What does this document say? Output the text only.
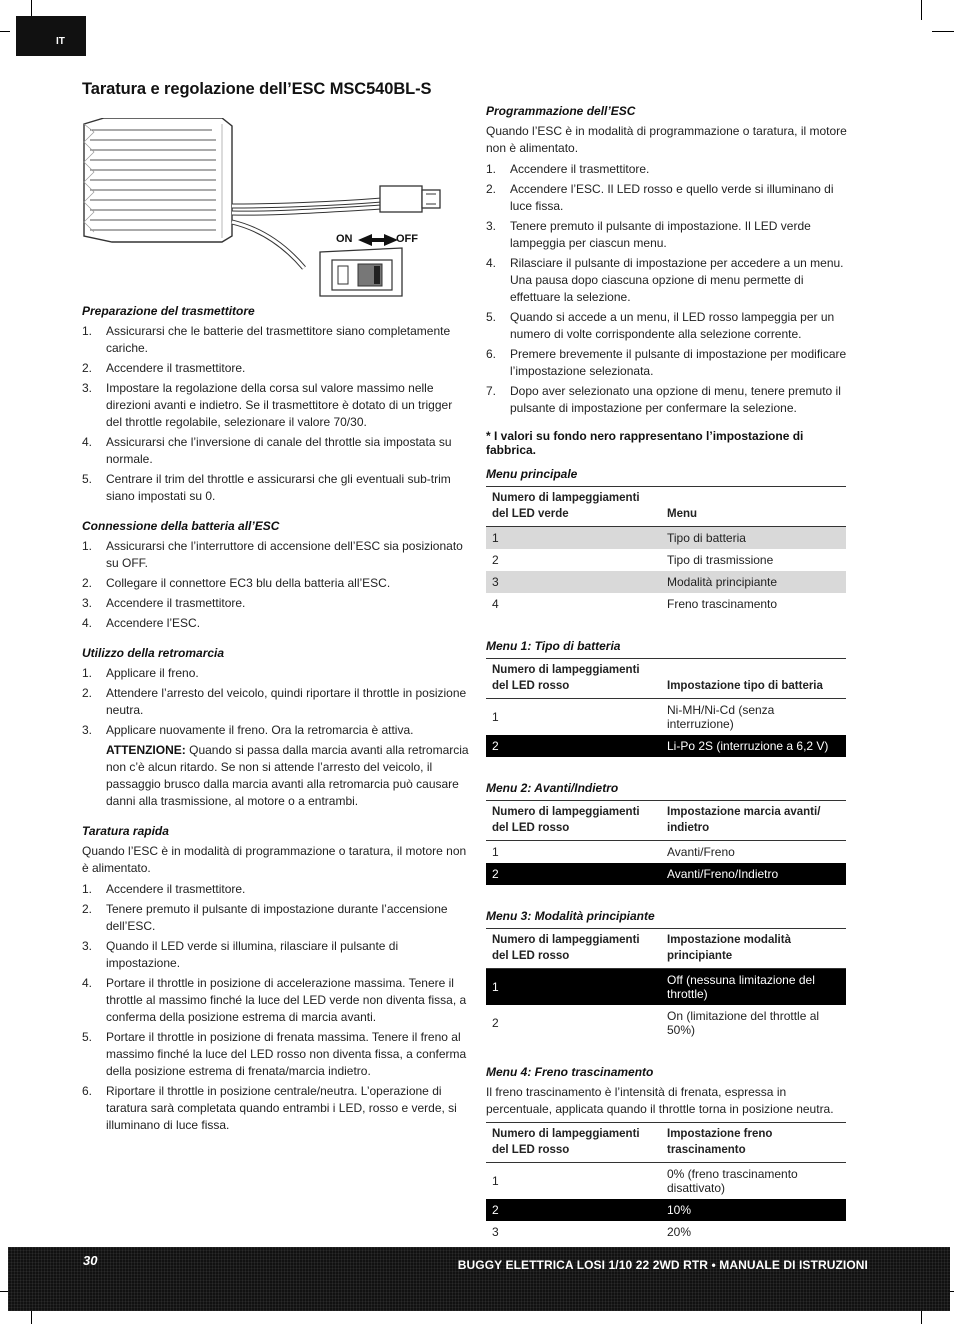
IT
Taratura e regolazione dell’ESC MSC540BL-S
ON	OFF
Preparazione del trasmettitore
1. Assicurarsi che le batterie del trasmettitore siano completamente cariche.
2. Accendere il trasmettitore.
3. Impostare la regolazione della corsa sul valore massimo nelle direzioni avanti e indietro. Se il trasmettitore è dotato di un trigger del throttle regolabile, selezionare il valore 70/30.
4. Assicurarsi che l’inversione di canale del throttle sia impostata su normale.
5. Centrare il trim del throttle e assicurarsi che gli eventuali sub-trim siano impostati su 0.
Connessione della batteria all’ESC
1. Assicurarsi che l’interruttore di accensione dell’ESC sia posizionato su OFF.
2. Collegare il connettore EC3 blu della batteria all’ESC.
3. Accendere il trasmettitore.
4. Accendere l’ESC.
Utilizzo della retromarcia
1. Applicare il freno.
2. Attendere l’arresto del veicolo, quindi riportare il throttle in posizione neutra.
3. Applicare nuovamente il freno. Ora la retromarcia è attiva.

ATTENZIONE: Quando si passa dalla marcia avanti alla retromarcia non c’è alcun ritardo. Se non si attende l’arresto del veicolo, il passaggio brusco dalla marcia avanti alla retromarcia può causare danni alla trasmissione, al motore o a entrambi.

Taratura rapida

Quando l’ESC è in modalità di programmazione o taratura, il motore non è alimentato.

1. Accendere il trasmettitore.
2. Tenere premuto il pulsante di impostazione durante l’accensione dell’ESC.
3. Quando il LED verde si illumina, rilasciare il pulsante di impostazione.
4. Portare il throttle in posizione di accelerazione massima. Tenere il throttle al massimo finché la luce del LED verde non diventa fissa, a conferma della posizione estrema di marcia avanti.
5. Portare il throttle in posizione di frenata massima. Tenere il freno al massimo finché la luce del LED rosso non diventa fissa, a conferma della posizione estrema di frenata/marcia indietro.
6. Riportare il throttle in posizione centrale/neutra. L’operazione di taratura sarà completata quando entrambi i LED, rosso e verde, si illuminano di luce fissa.
Programmazione dell’ESC

Quando l’ESC è in modalità di programmazione o taratura, il motore non è alimentato.

1. Accendere il trasmettitore.
2. Accendere l’ESC. Il LED rosso e quello verde si illuminano di luce fissa.
3. Tenere premuto il pulsante di impostazione. Il LED verde lampeggia per ciascun menu.
4. Rilasciare il pulsante di impostazione per accedere a un menu. Una pausa dopo ciascuna opzione di menu permette di effettuare la selezione.
5. Quando si accede a un menu, il LED rosso lampeggia per un numero di volte corrispondente alla selezione corrente.
6. Premere brevemente il pulsante di impostazione per modificare l’impostazione selezionata.
7. Dopo aver selezionato una opzione di menu, tenere premuto il pulsante di impostazione per confermare la selezione.

* I valori su fondo nero rappresentano l’impostazione di fabbrica.

Menu principale
Numero di lampeggiamenti del LED verde	Menu
1	Tipo di batteria
2	Tipo di trasmissione
3	Modalità principiante
4	Freno trascinamento
Menu 1: Tipo di batteria
Numero di lampeggiamenti del LED rosso	Impostazione tipo di batteria
1	Ni-MH/Ni-Cd (senza interruzione)
2	Li-Po 2S (interruzione a 6,2 V)
Menu 2: Avanti/Indietro
Numero di lampeggiamenti del LED rosso	Impostazione marcia avanti/ indietro
1	Avanti/Freno
2	Avanti/Freno/Indietro
Menu 3: Modalità principiante
Numero di lampeggiamenti del LED rosso	Impostazione modalità principiante
1	Off (nessuna limitazione del throttle)
2	On (limitazione del throttle al 50%)
Menu 4: Freno trascinamento

Il freno trascinamento è l’intensità di frenata, espressa in percentuale, applicata quando il throttle torna in posizione neutra.

Numero di lampeggiamenti del LED rosso	Impostazione freno trascinamento
1	0% (freno trascinamento disattivato)
2	10%
3	20%

30	BUGGY ELETTRICA LOSI 1/10 22 2WD RTR • MANUALE DI ISTRUZIONI
